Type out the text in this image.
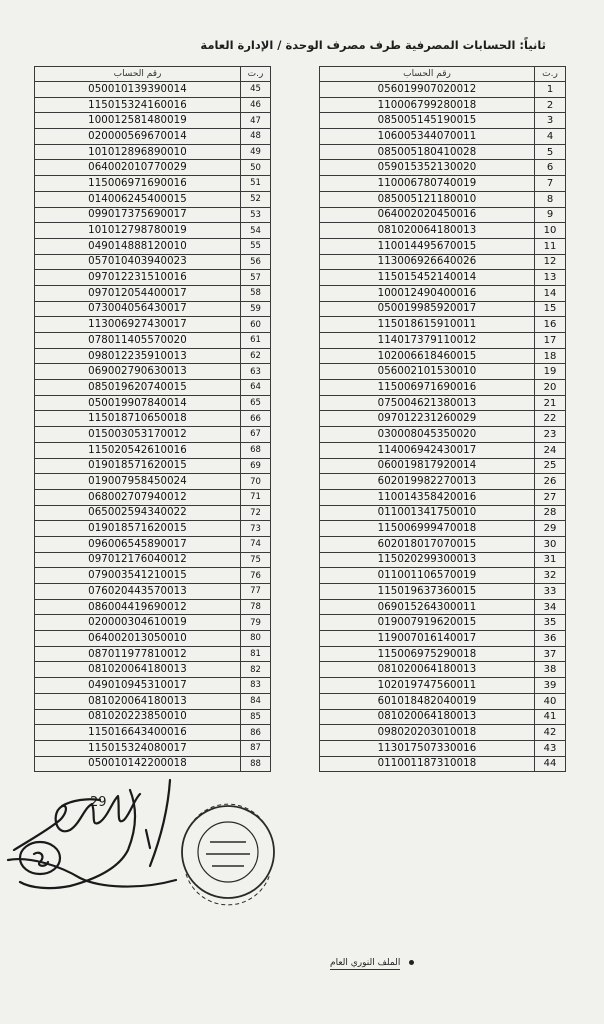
ثانياً: الحسابات المصرفية طرف مصرف الوحدة / الإدارة العامة
ر.ت	رقم الحساب		ر.ت	رقم الحساب
1	056019907020012		45	050010139390014
2	110006799280018		46	115015324160016
3	085005145190015		47	100012581480019
4	106005344070011		48	020000569670014
5	085005180410028		49	101012896890010
6	059015352130020		50	064002010770029
7	110006780740019		51	115006971690016
8	085005121180010		52	014006245400015
9	064002020450016		53	099017375690017
10	081020064180013		54	101012798780019
11	110014495670015		55	049014888120010
12	113006926640026		56	057010403940023
13	115015452140014		57	097012231510016
14	100012490400016		58	097012054400017
15	050019985920017		59	073004056430017
16	115018615910011		60	113006927430017
17	114017379110012		61	078011405570020
18	102006618460015		62	098012235910013
19	056002101530010		63	069002790630013
20	115006971690016		64	085019620740015
21	075004621380013		65	050019907840014
22	097012231260029		66	115018710650018
23	030008045350020		67	015003053170012
24	114006942430017		68	115020542610016
25	060019817920014		69	019018571620015
26	602019982270013		70	019007958450024
27	110014358420016		71	068002707940012
28	011001341750010		72	065002594340022
29	115006999470018		73	019018571620015
30	602018017070015		74	096006545890017
31	115020299300013		75	097012176040012
32	011001106570019		76	079003541210015
33	115019637360015		77	076020443570013
34	069015264300011		78	086004419690012
35	019007919620015		79	020000304610019
36	119007016140017		80	064002013050010
37	115006975290018		81	087011977810012
38	081020064180013		82	081020064180013
39	102019747560011		83	049010945310017
40	601018482040019		84	081020064180013
41	081020064180013		85	081020223850010
42	098020203010018		86	115016643400016
43	113017507330016		87	115015324080017
44	011001187310018		88	050010142200018
29
الملف النوري العام
